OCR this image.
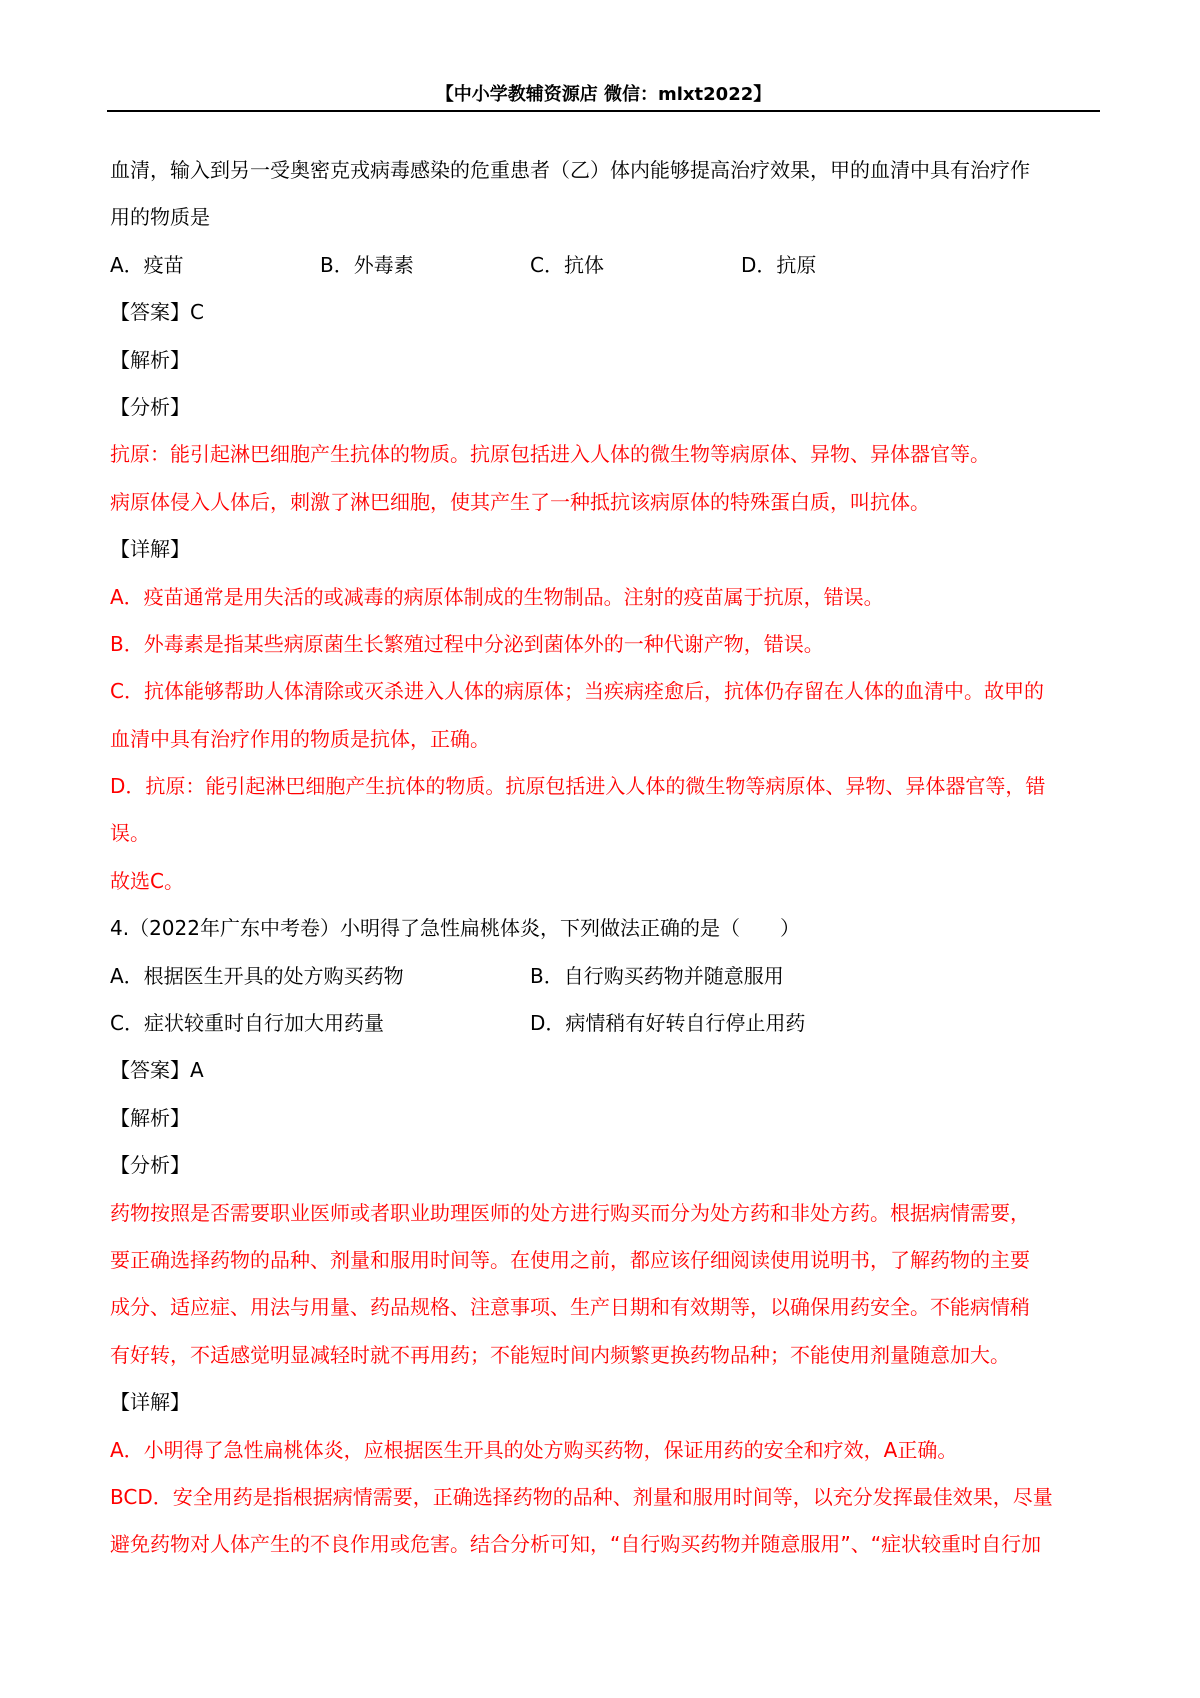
【中小学教辅资源店 微信：mlxt2022】
血清，输入到另一受奥密克戎病毒感染的危重患者（乙）体内能够提高治疗效果，甲的血清中具有治疗作
用的物质是
A．疫苗	B．外毒素	C．抗体	D．抗原
【答案】C
【解析】
【分析】
抗原：能引起淋巴细胞产生抗体的物质。抗原包括进入人体的微生物等病原体、异物、异体器官等。
病原体侵入人体后，刺激了淋巴细胞，使其产生了一种抵抗该病原体的特殊蛋白质，叫抗体。
【详解】
A．疫苗通常是用失活的或减毒的病原体制成的生物制品。注射的疫苗属于抗原，错误。
B．外毒素是指某些病原菌生长繁殖过程中分泌到菌体外的一种代谢产物，错误。
C．抗体能够帮助人体清除或灭杀进入人体的病原体；当疾病痊愈后，抗体仍存留在人体的血清中。故甲的
血清中具有治疗作用的物质是抗体，正确。
D．抗原：能引起淋巴细胞产生抗体的物质。抗原包括进入人体的微生物等病原体、异物、异体器官等，错
误。
故选C。
4.（2022年广东中考卷）小明得了急性扁桃体炎，下列做法正确的是（　　）
A．根据医生开具的处方购买药物	B．自行购买药物并随意服用
C．症状较重时自行加大用药量	D．病情稍有好转自行停止用药
【答案】A
【解析】
【分析】
药物按照是否需要职业医师或者职业助理医师的处方进行购买而分为处方药和非处方药。根据病情需要，
要正确选择药物的品种、剂量和服用时间等。在使用之前，都应该仔细阅读使用说明书，了解药物的主要
成分、适应症、用法与用量、药品规格、注意事项、生产日期和有效期等，以确保用药安全。不能病情稍
有好转，不适感觉明显减轻时就不再用药；不能短时间内频繁更换药物品种；不能使用剂量随意加大。
【详解】
A．小明得了急性扁桃体炎，应根据医生开具的处方购买药物，保证用药的安全和疗效，A正确。
BCD．安全用药是指根据病情需要，正确选择药物的品种、剂量和服用时间等，以充分发挥最佳效果，尽量
避免药物对人体产生的不良作用或危害。结合分析可知，“自行购买药物并随意服用”、“症状较重时自行加
